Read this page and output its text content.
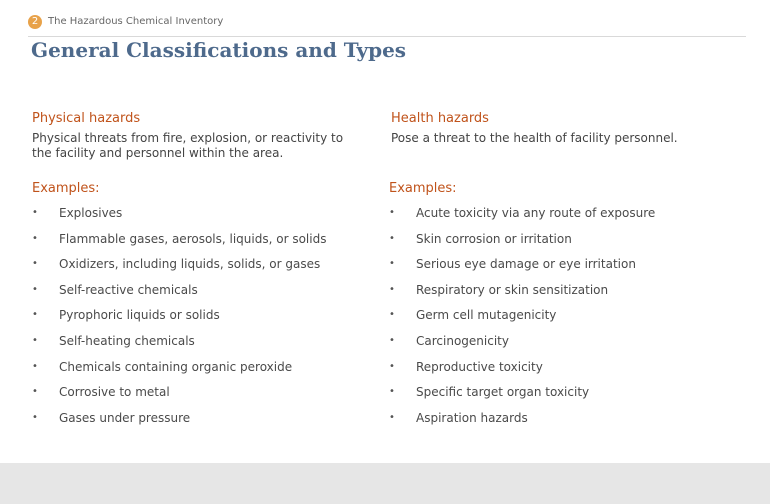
2 The Hazardous Chemical Inventory
General Classifications and Types
Physical hazards
Physical threats from fire, explosion, or reactivity to the facility and personnel within the area.
Health hazards
Pose a threat to the health of facility personnel.
Examples:	Examples:
• Explosives
• Flammable gases, aerosols, liquids, or solids
• Oxidizers, including liquids, solids, or gases
• Self-reactive chemicals
• Pyrophoric liquids or solids
• Self-heating chemicals
• Chemicals containing organic peroxide
• Corrosive to metal
• Gases under pressure
• Acute toxicity via any route of exposure
• Skin corrosion or irritation
• Serious eye damage or eye irritation
• Respiratory or skin sensitization
• Germ cell mutagenicity
• Carcinogenicity
• Reproductive toxicity
• Specific target organ toxicity
• Aspiration hazards
